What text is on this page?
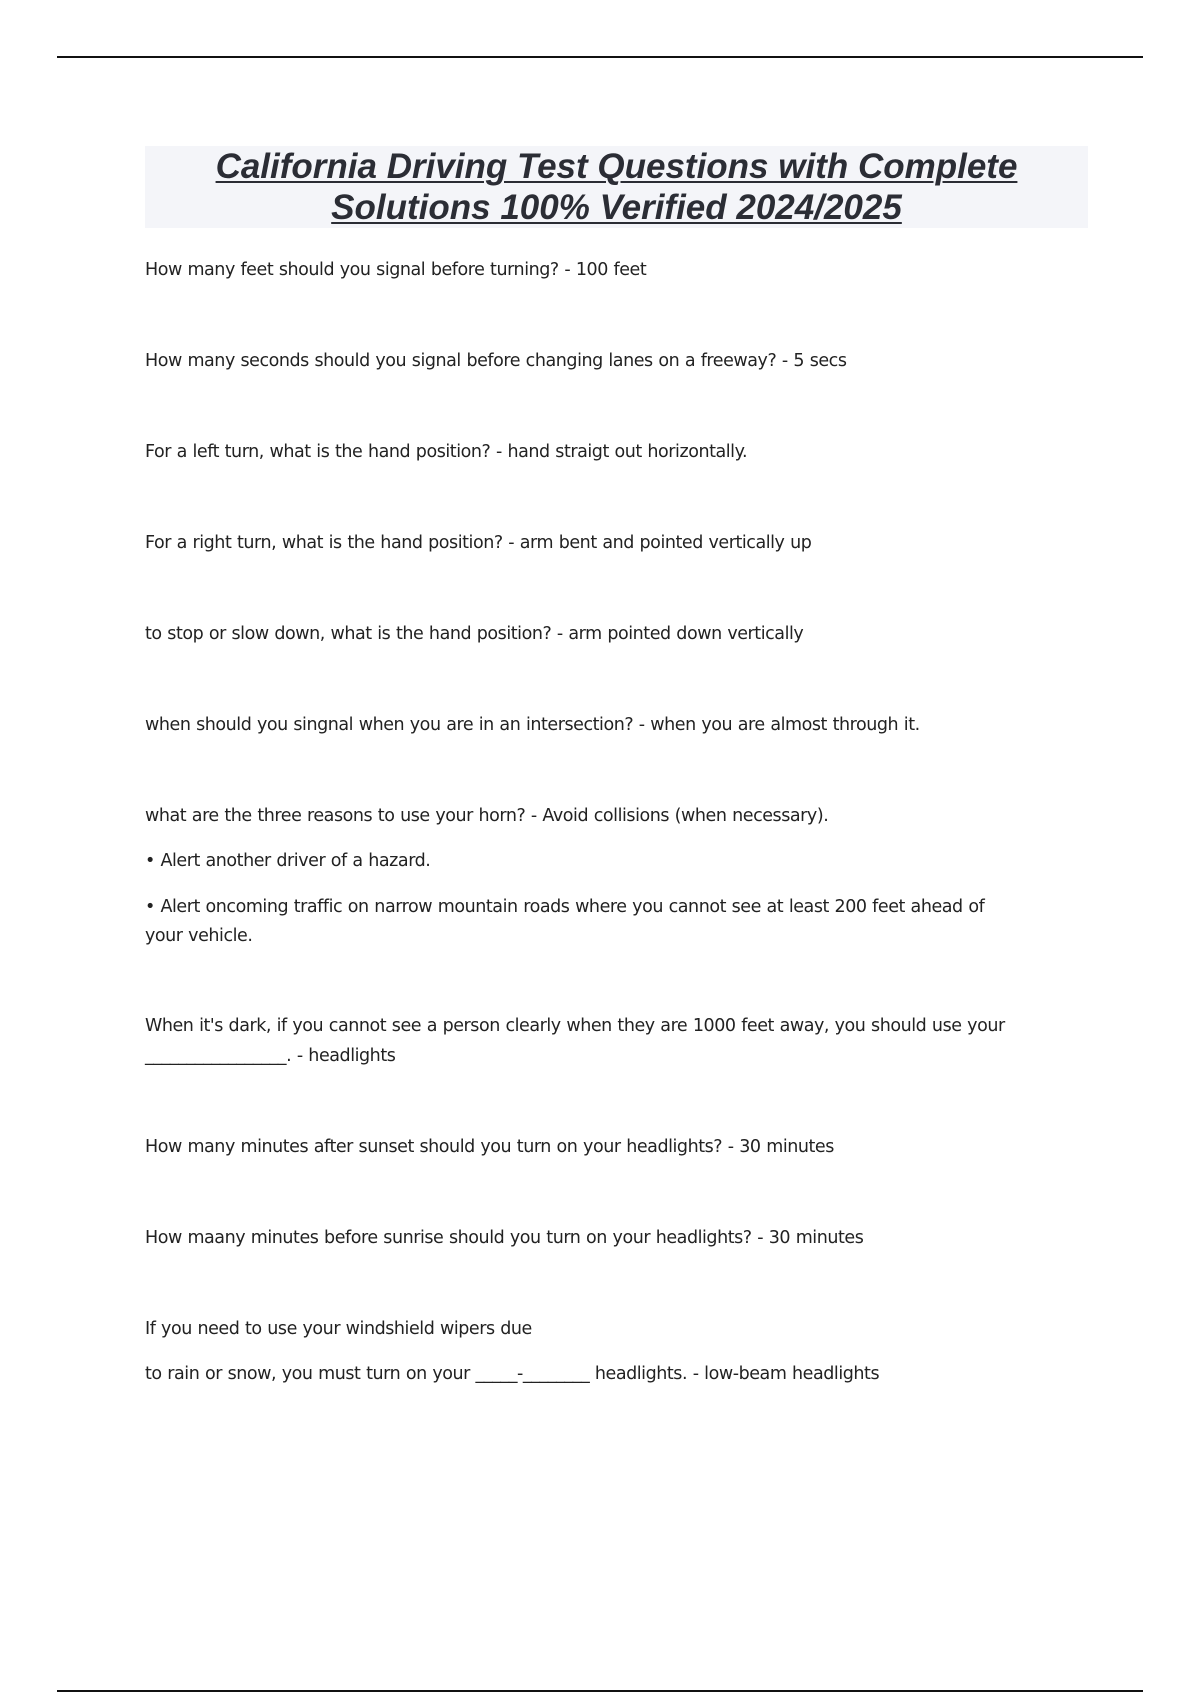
California Driving Test Questions with Complete
Solutions 100% Verified 2024/2025

How many feet should you signal before turning? - 100 feet

How many seconds should you signal before changing lanes on a freeway? - 5 secs

For a left turn, what is the hand position? - hand straigt out horizontally.

For a right turn, what is the hand position? - arm bent and pointed vertically up

to stop or slow down, what is the hand position? - arm pointed down vertically

when should you singnal when you are in an intersection? - when you are almost through it.

what are the three reasons to use your horn? - Avoid collisions (when necessary).

• Alert another driver of a hazard.

• Alert oncoming traffic on narrow mountain roads where you cannot see at least 200 feet ahead of

your vehicle.

When it's dark, if you cannot see a person clearly when they are 1000 feet away, you should use your

_________________. - headlights

How many minutes after sunset should you turn on your headlights? - 30 minutes

How maany minutes before sunrise should you turn on your headlights? - 30 minutes

If you need to use your windshield wipers due

to rain or snow, you must turn on your _____-________ headlights. - low-beam headlights
